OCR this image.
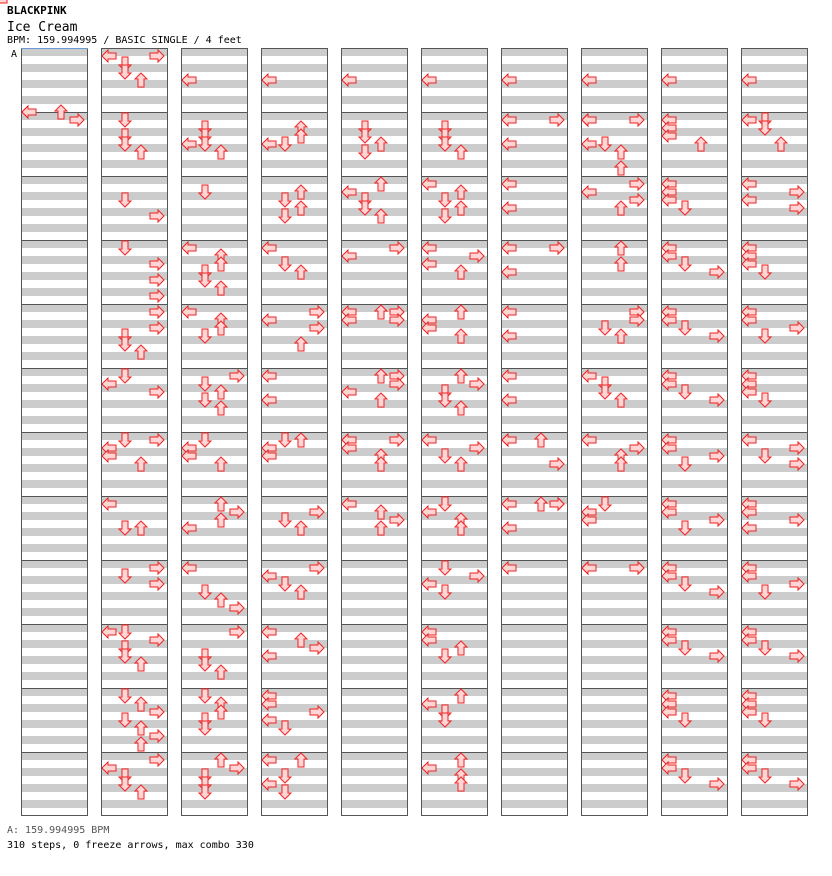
BLACKPINK
Ice Cream
BPM: 159.994995 / BASIC SINGLE / 4 feet
A
A: 159.994995 BPM
310 steps, 0 freeze arrows, max combo 330
